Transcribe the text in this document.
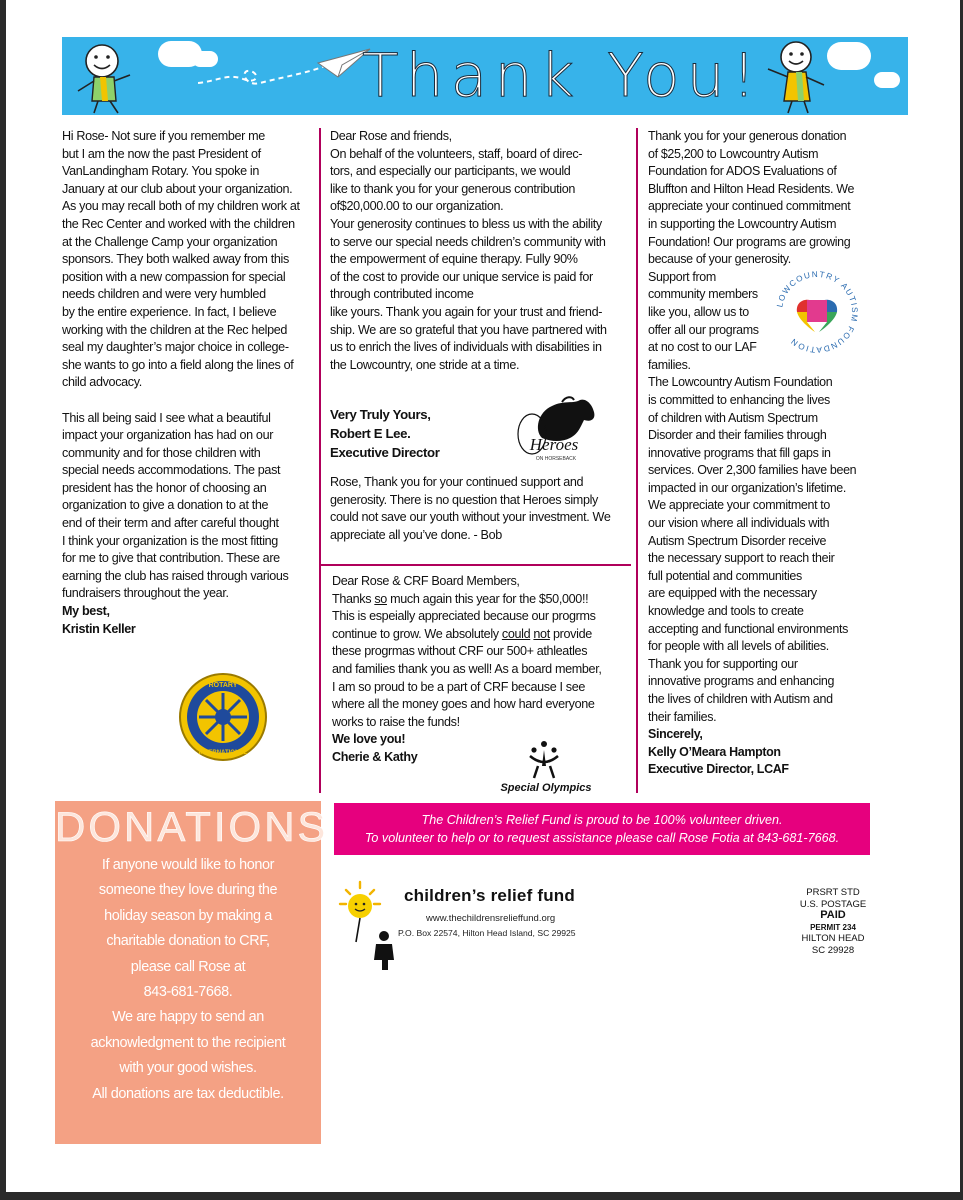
Thank You!

Hi Rose- Not sure if you remember me

but I am the now the past President of

VanLandingham Rotary. You spoke in

January at our club about your organization.

As you may recall both of my children work at

the Rec Center and worked with the children

at the Challenge Camp your organization

sponsors. They both walked away from this

position with a new compassion for special

needs children and were very humbled

by the entire experience. In fact, I believe

working with the children at the Rec helped

seal my daughter’s major choice in college-

she wants to go into a field along the lines of

child advocacy.

This all being said I see what a beautiful

impact your organization has had on our

community and for those children with

special needs accommodations. The past

president has the honor of choosing an

organization to give a donation to at the

end of their term and after careful thought

I think your organization is the most fitting

for me to give that contribution. These are

earning the club has raised through various

fundraisers throughout the year.

My best,

Kristin Keller

ROTARY
INTERNATIONAL

Dear Rose and friends,

On behalf of the volunteers, staff, board of direc-

tors, and especially our participants, we would

like to thank you for your generous contribution

of$20,000.00 to our organization.

Your generosity continues to bless us with the ability

to serve our special needs children’s community with

the empowerment of equine therapy. Fully 90%

of the cost to provide our unique service is paid for

through contributed income

like yours. Thank you again for your trust and friend-

ship. We are so grateful that you have partnered with

us to enrich the lives of individuals with disabilities in

the Lowcountry, one stride at a time.

Very Truly Yours,

Robert E Lee.

Executive Director	Heroes
ON HORSEBACK

Rose, Thank you for your continued support and

generosity. There is no question that Heroes simply

could not save our youth without your investment. We

appreciate all you’ve done. - Bob

Dear Rose & CRF Board Members,

Thanks so much again this year for the $50,000!!

This is espeially appreciated because our progrms

continue to grow. We absolutely could not provide

these progrmas without CRF our 500+ athleatles

and families thank you as well! As a board member,

I am so proud to be a part of CRF because I see

where all the money goes and how hard everyone

works to raise the funds!

We love you!

Cherie & Kathy

Special Olympics

Thank you for your generous donation

of $25,200 to Lowcountry Autism

Foundation for ADOS Evaluations of

Bluffton and Hilton Head Residents. We

appreciate your continued commitment

in supporting the Lowcountry Autism

Foundation! Our programs are growing

because of your generosity.

Support from

community members

like you, allow us to

offer all our programs

at no cost to our LAF

families.

The Lowcountry Autism Foundation

is committed to enhancing the lives

of children with Autism Spectrum

Disorder and their families through

innovative programs that fill gaps in

services. Over 2,300 families have been

impacted in our organization’s lifetime.

We appreciate your commitment to

our vision where all individuals with

Autism Spectrum Disorder receive

the necessary support to reach their

full potential and communities

are equipped with the necessary

knowledge and tools to create

accepting and functional environments

for people with all levels of abilities.

Thank you for supporting our

innovative programs and enhancing

the lives of children with Autism and

their families.

Sincerely,

Kelly O’Meara Hampton

Executive Director, LCAF

LOWCOUNTRY AUTISM FOUNDATION
DONATIONS

If anyone would like to honor

someone they love during the

holiday season by making a

charitable donation to CRF,

please call Rose at

843-681-7668.

We are happy to send an

acknowledgment to the recipient

with your good wishes.

All donations are tax deductible.

The Children’s Relief Fund is proud to be 100% volunteer driven.

To volunteer to help or to request assistance please call Rose Fotia at 843-681-7668.

children’s relief fund
www.thechildrensrelieffund.org
P.O. Box 22574, Hilton Head Island, SC 29925

PRSRT STD

U.S. POSTAGE

PAID

PERMIT 234

HILTON HEAD

SC 29928
